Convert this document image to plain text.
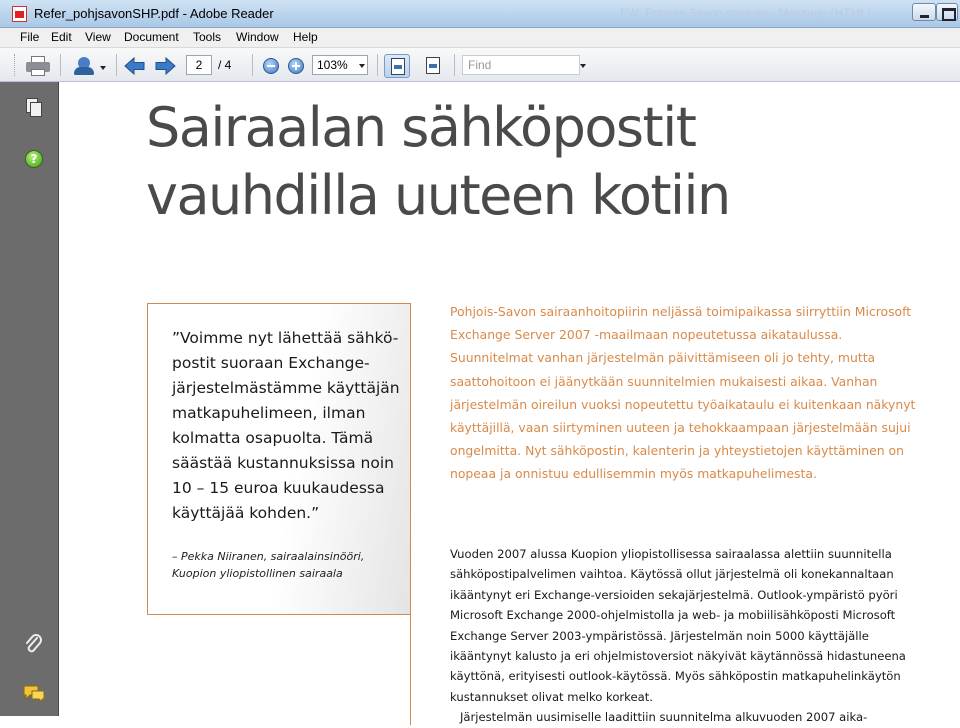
Refer_pohjsavonSHP.pdf - Adobe Reader	FW: Pohjois-Savon sairaala - Message (HTML)
File Edit View Document Tools Window Help
2	/ 4	103%	Find
? Sairaalan sähköpostit
vauhdilla uuteen kotiin
”Voimme nyt lähettää sähkö-postit suoraan Exchange-järjestelmästämme käyttäjän matkapuhelimeen, ilman kolmatta osapuolta. Tämä säästää kustannuksissa noin 10 – 15 euroa kuukaudessa käyttäjää kohden.”
– Pekka Niiranen, sairaalainsinööri, Kuopion yliopistollinen sairaala
Pohjois-Savon sairaanhoitopiirin neljässä toimipaikassa siirryttiin Microsoft Exchange Server 2007 -maailmaan nopeutetussa aikataulussa. Suunnitelmat vanhan järjestelmän päivittämiseen oli jo tehty, mutta saattohoitoon ei jäänytkään suunnitelmien mukaisesti aikaa. Vanhan järjestelmän oireilun vuoksi nopeutettu työaikataulu ei kuitenkaan näkynyt käyttäjillä, vaan siirtyminen uuteen ja tehokkaampaan järjestelmään sujui ongelmitta. Nyt sähköpostin, kalenterin ja yhteystietojen käyttäminen on nopeaa ja onnistuu edullisemmin myös matkapuhelimesta.
Vuoden 2007 alussa Kuopion yliopistollisessa sairaalassa alettiin suunnitella sähköpostipalvelimen vaihtoa. Käytössä ollut järjestelmä oli konekannaltaan ikääntynyt eri Exchange-versioiden sekajärjestelmä. Outlook-ympäristö pyöri Microsoft Exchange 2000-ohjelmistolla ja web- ja mobiilisähköposti Microsoft Exchange Server 2003-ympäristössä. Järjestelmän noin 5000 käyttäjälle ikääntynyt kalusto ja eri ohjelmistoversiot näkyivät käytännössä hidastuneena käyttönä, erityisesti outlook-käytössä. Myös sähköpostin matkapuhelinkäytön kustannukset olivat melko korkeat.
Järjestelmän uusimiselle laadittiin suunnitelma alkuvuoden 2007 aika-
